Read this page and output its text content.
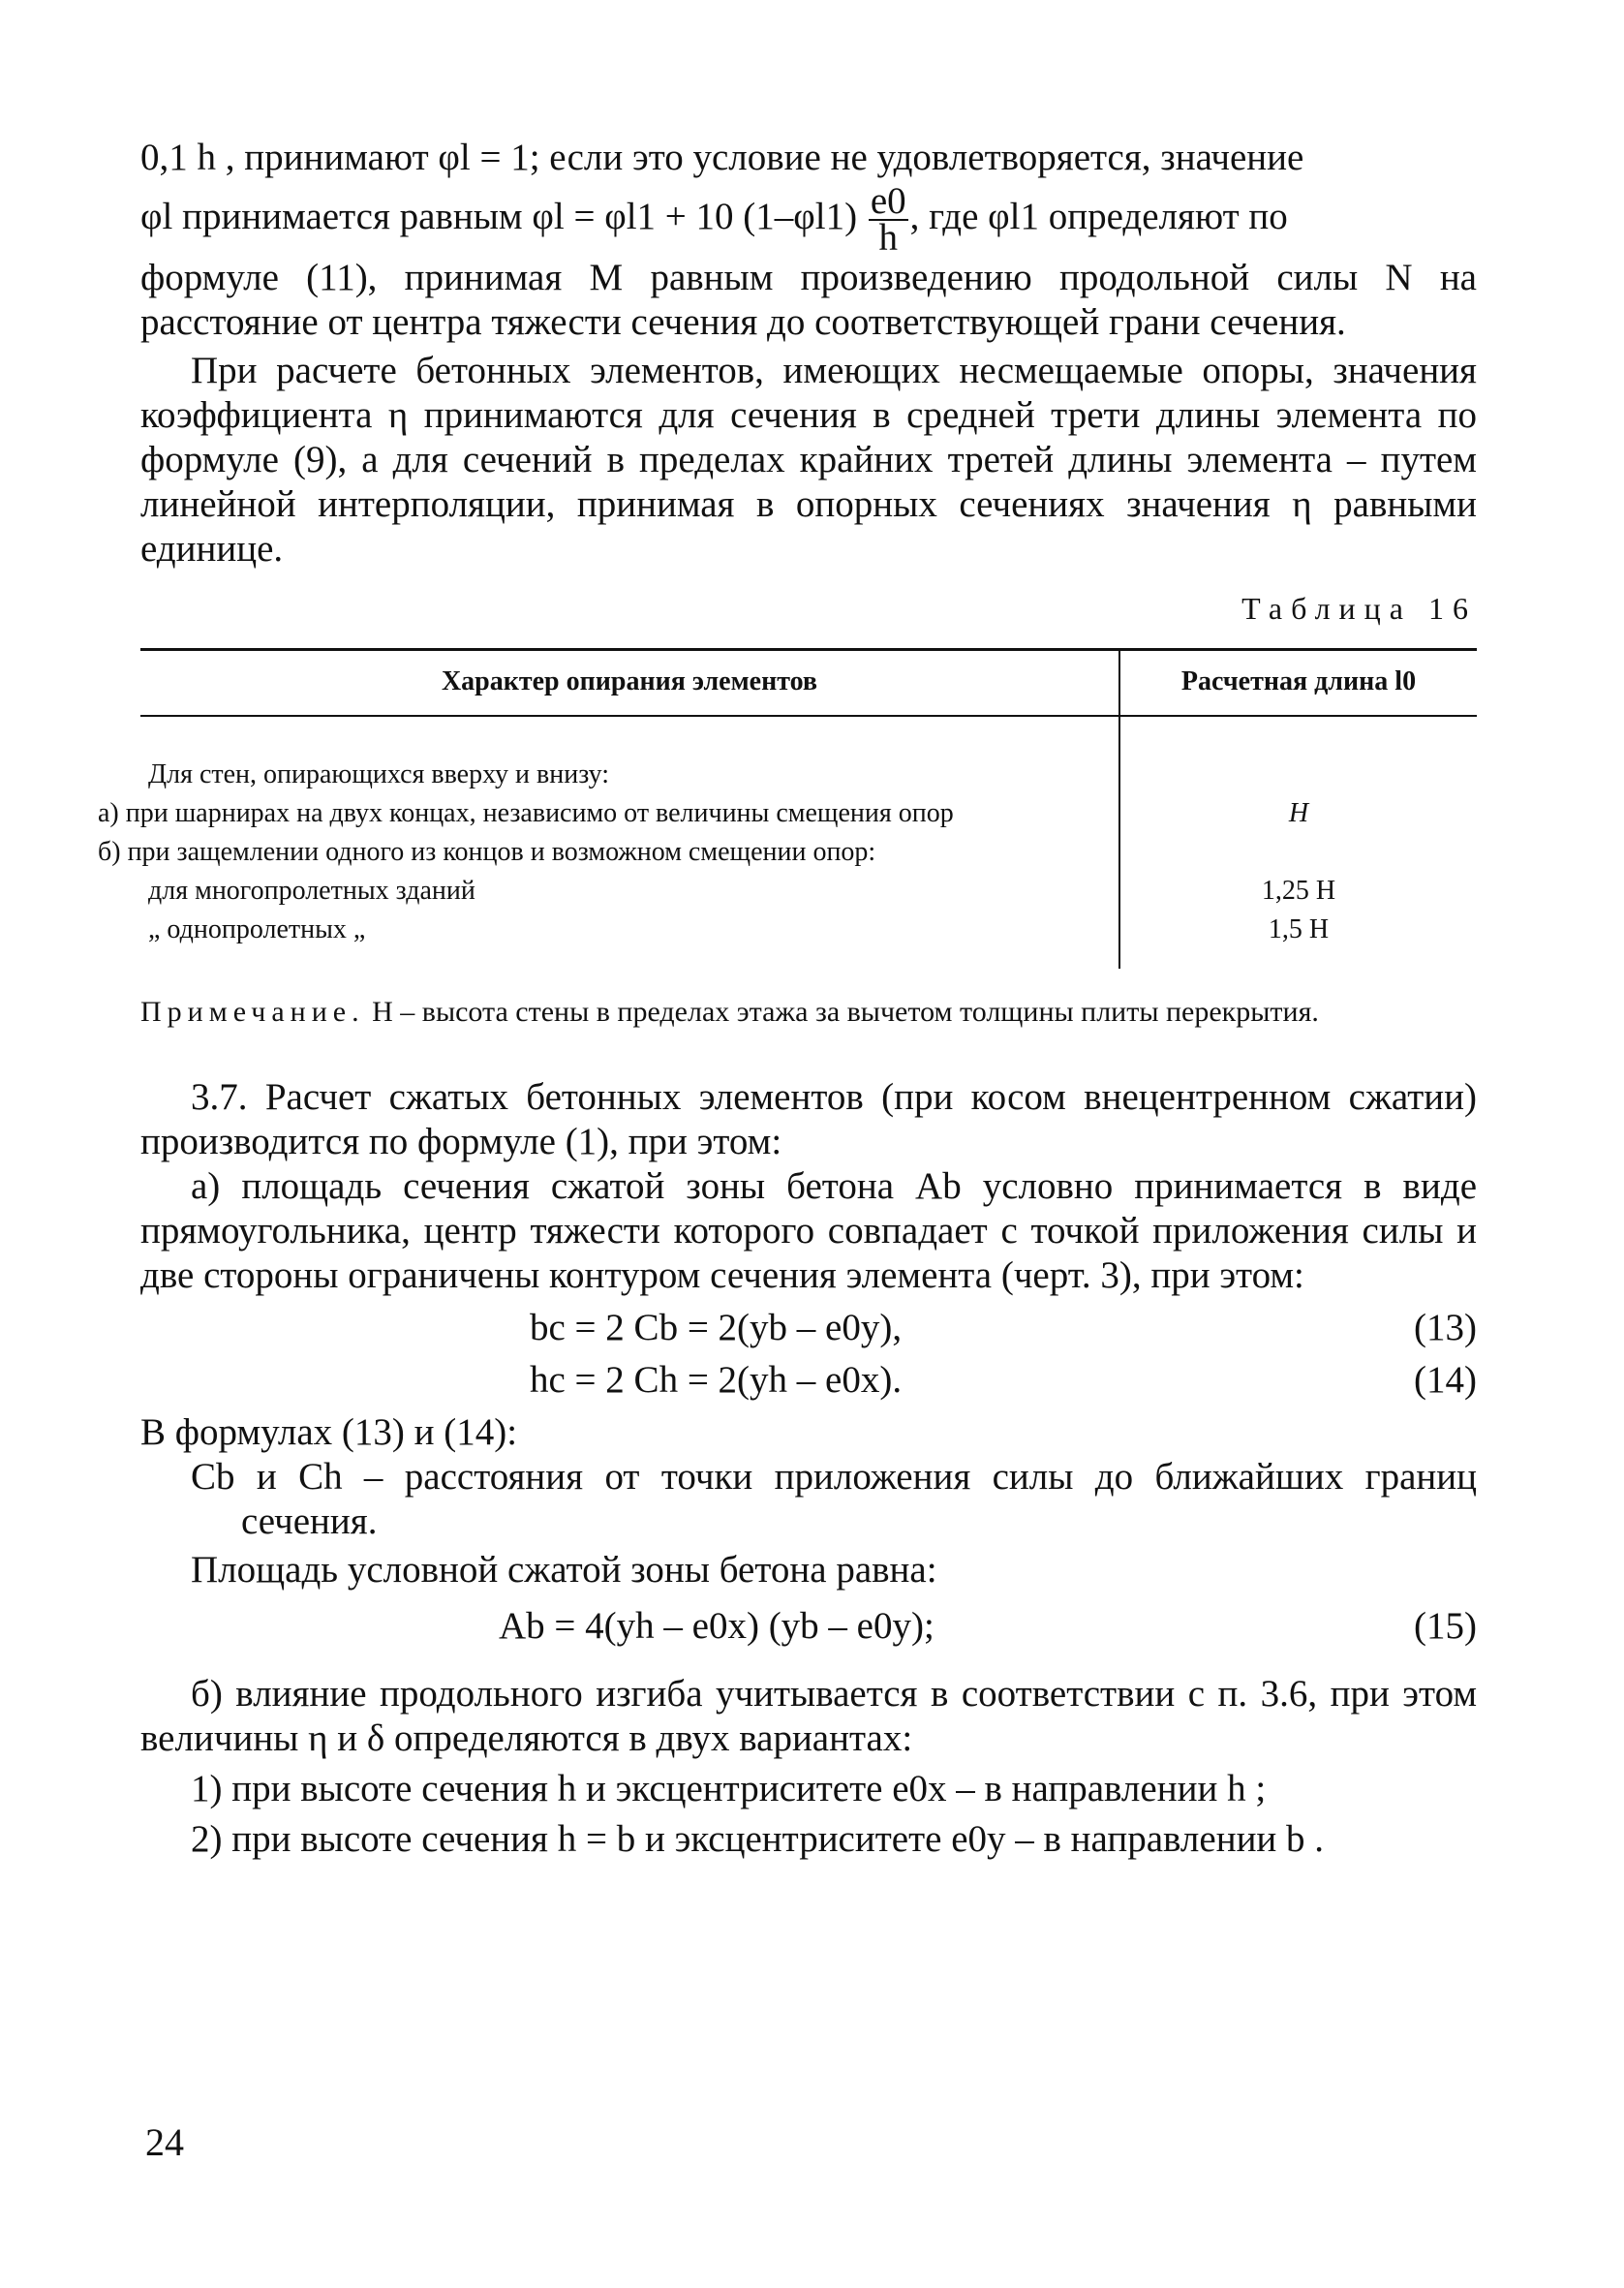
0,1 h , принимают φl = 1; если это условие не удовлетворяется, значение

φl принимается равным φl = φl1 + 10 $(1-\varphi l1) \frac{e0}{h}$ , где φl1 определяют по

формуле (11), принимая M равным произведению продольной силы N на расстояние от центра тяжести сечения до соответствующей грани сечения.

При расчете бетонных элементов, имеющих несмещаемые опоры, значения коэффициента η принимаются для сечения в средней трети длины элемента по формуле (9), а для сечений в пределах крайних третей длины элемента – путем линейной интерполяции, принимая в опорных сечениях значения η равными единице.

Таблица 16
Характер опирания элементов	Расчетная длина l0

Для стен, опирающихся вверху и внизу:	
а) при шарнирах на двух концах, независимо от величины смещения опор	H
б) при защемлении одного из концов и возможном смещении опор:	
для многопролетных зданий	1,25 H
„ однопролетных „	1,5 H
Примечание. H – высота стены в пределах этажа за вычетом толщины плиты перекрытия.

3.7. Расчет сжатых бетонных элементов (при косом внецентренном сжатии) производится по формуле (1), при этом:

а) площадь сечения сжатой зоны бетона Ab условно принимается в виде прямоугольника, центр тяжести которого совпадает с точкой приложения силы и две стороны ограничены контуром сечения элемента (черт. 3), при этом:

bc = 2 Cb = 2(yb – e0y),	(13)
hc = 2 Ch = 2(yh – e0x).	(14)

В формулах (13) и (14):

Cb и Ch – расстояния от точки приложения силы до ближайших границ сечения.

Площадь условной сжатой зоны бетона равна:

Ab = 4(yh – e0x) (yb – e0y);	(15)

б) влияние продольного изгиба учитывается в соответствии с п. 3.6, при этом величины η и δ определяются в двух вариантах:

1) при высоте сечения h и эксцентриситете e0x – в направлении h ;

2) при высоте сечения h = b и эксцентриситете e0y – в направлении b .

24
